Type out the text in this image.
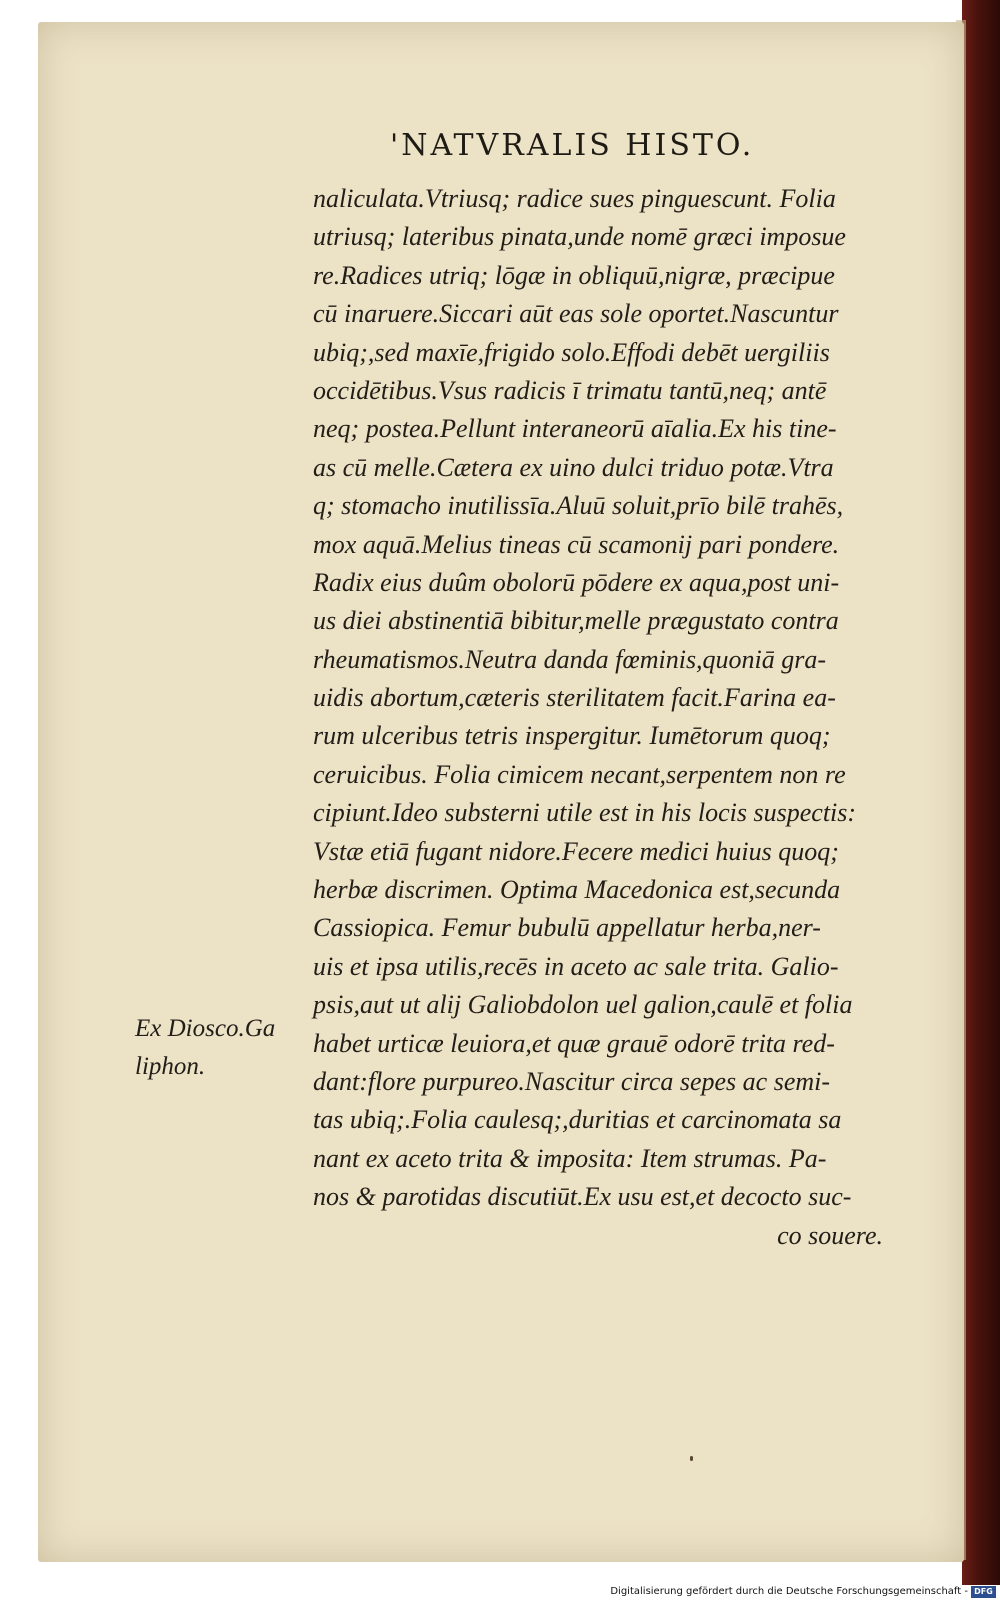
'NATVRALIS HISTO.
naliculata.Vtriusq; radice sues pinguescunt. Folia
utriusq; lateribus pinata,unde nomē græci imposue
re.Radices utriq; lōgæ in obliquū,nigræ, præcipue
cū inaruere.Siccari aūt eas sole oportet.Nascuntur
ubiq;,sed maxīe,frigido solo.Effodi debēt uergiliis
occidētibus.Vsus radicis ī trimatu tantū,neq; antē
neq; postea.Pellunt interaneorū aīalia.Ex his tine-
as cū melle.Cætera ex uino dulci triduo potæ.Vtra
q; stomacho inutilissīa.Aluū soluit,prīo bilē trahēs,
mox aquā.Melius tineas cū scamonij pari pondere.
Radix eius duûm obolorū pōdere ex aqua,post uni-
us diei abstinentiā bibitur,melle prægustato contra
rheumatismos.Neutra danda fœminis,quoniā gra-
uidis abortum,cæteris sterilitatem facit.Farina ea-
rum ulceribus tetris inspergitur. Iumētorum quoq;
ceruicibus. Folia cimicem necant,serpentem non re
cipiunt.Ideo substerni utile est in his locis suspectis:
Vstæ etiā fugant nidore.Fecere medici huius quoq;
herbæ discrimen. Optima Macedonica est,secunda
Cassiopica. Femur bubulū appellatur herba,ner-
uis et ipsa utilis,recēs in aceto ac sale trita. Galio-
psis,aut ut alij Galiobdolon uel galion,caulē et folia
habet urticæ leuiora,et quæ grauē odorē trita red-
dant:flore purpureo.Nascitur circa sepes ac semi-
tas ubiq;.Folia caulesq;,duritias et carcinomata sa
nant ex aceto trita & imposita: Item strumas. Pa-
nos & parotidas discutiūt.Ex usu est,et decocto suc-
co souere.
Ex Diosco.Ga
liphon.
Digitalisierung gefördert durch die Deutsche Forschungsgemeinschaft - DFG
